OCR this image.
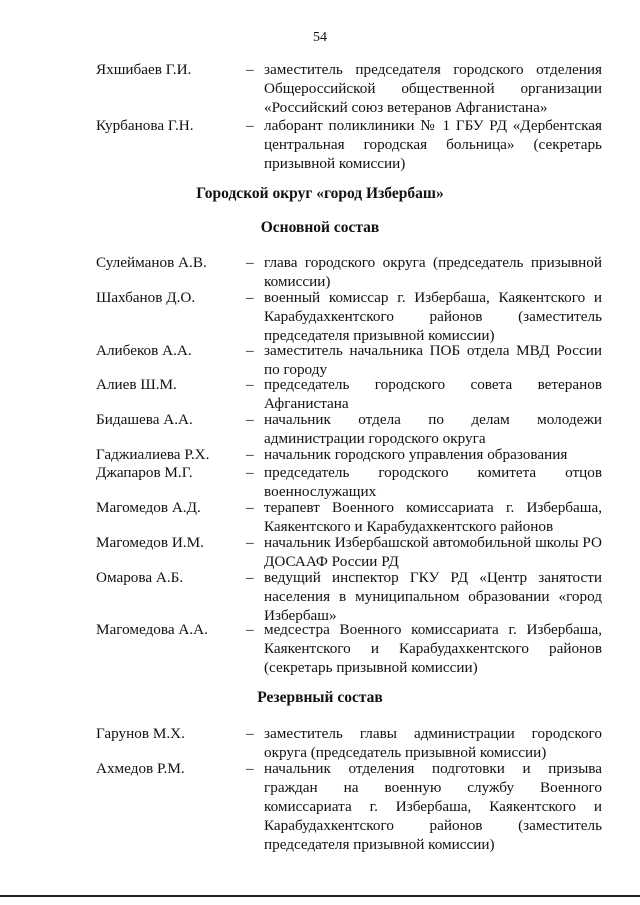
54
Яхшибаев Г.И.	– заместитель председателя городского отделения Общероссийской общественной организации «Российский союз ветеранов Афганистана»
Курбанова Г.Н.	– лаборант поликлиники № 1 ГБУ РД «Дербентская центральная городская больница» (секретарь призывной комиссии)
Городской округ «город Избербаш»
Основной состав
Сулейманов А.В.	– глава городского округа (председатель призывной комиссии)
Шахбанов Д.О.	– военный комиссар г. Избербаша, Каякентского и Карабудахкентского районов (заместитель председателя призывной комиссии)
Алибеков А.А.	– заместитель начальника ПОБ отдела МВД России по городу
Алиев Ш.М.	– председатель городского совета ветеранов Афганистана
Бидашева А.А.	– начальник отдела по делам молодежи администрации городского округа
Гаджиалиева Р.Х.	– начальник городского управления образования
Джапаров М.Г.	– председатель городского комитета отцов военнослужащих
Магомедов А.Д.	– терапевт Военного комиссариата г. Избербаша, Каякентского и Карабудахкентского районов
Магомедов И.М.	– начальник Избербашской автомобильной школы РО ДОСААФ России РД
Омарова А.Б.	– ведущий инспектор ГКУ РД «Центр занятости населения в муниципальном образовании «город Избербаш»
Магомедова А.А.	– медсестра Военного комиссариата г. Избербаша, Каякентского и Карабудахкентского районов (секретарь призывной комиссии)
Резервный состав
Гарунов М.Х.	– заместитель главы администрации городского округа (председатель призывной комиссии)
Ахмедов Р.М.	– начальник отделения подготовки и призыва граждан на военную службу Военного комиссариата г. Избербаша, Каякентского и Карабудахкентского районов (заместитель председателя призывной комиссии)
